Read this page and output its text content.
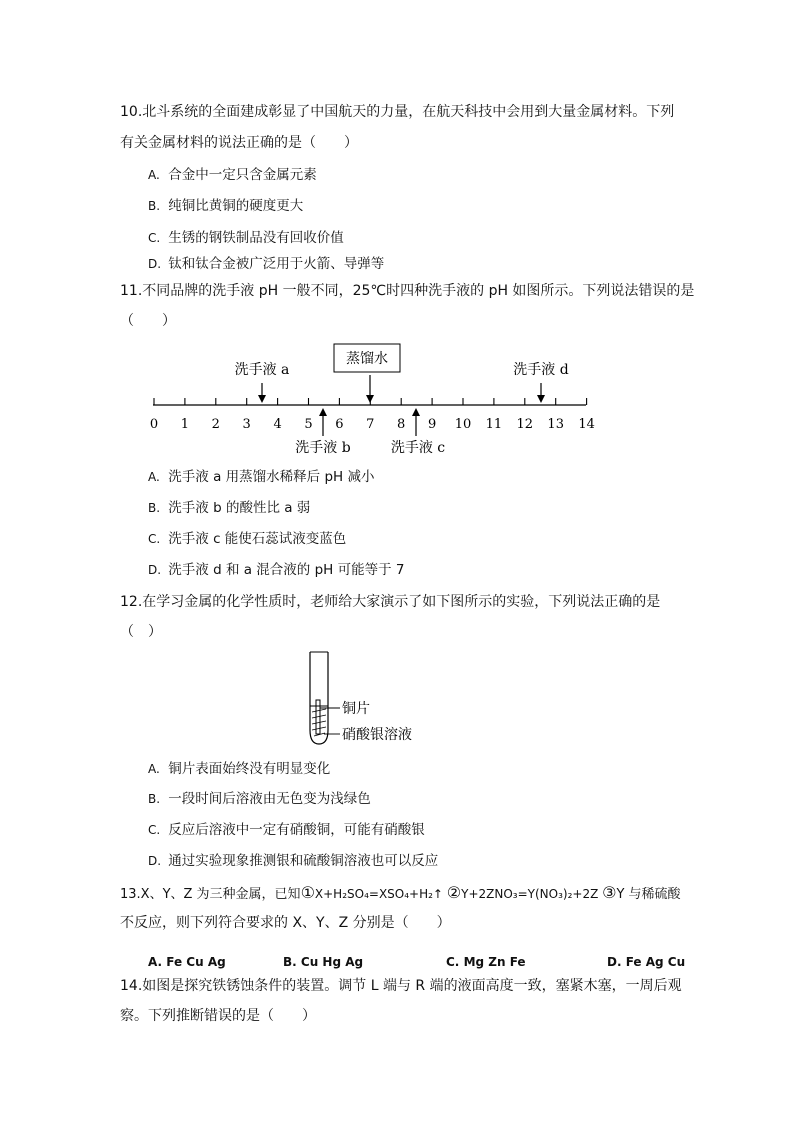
10.北斗系统的全面建成彰显了中国航天的力量，在航天科技中会用到大量金属材料。下列
有关金属材料的说法正确的是（　　）
A. 合金中一定只含金属元素
B. 纯铜比黄铜的硬度更大
C. 生锈的钢铁制品没有回收价值
D. 钛和钛合金被广泛用于火箭、导弹等
11.不同品牌的洗手液 pH 一般不同，25℃时四种洗手液的 pH 如图所示。下列说法错误的是
（　　）
蒸馏水
洗手液 a	洗手液 d
0 1 2 3 4 5 6 7 8 9 10 11 12 13 14
洗手液 b	洗手液 c
A. 洗手液 a 用蒸馏水稀释后 pH 减小
B. 洗手液 b 的酸性比 a 弱
C. 洗手液 c 能使石蕊试液变蓝色
D. 洗手液 d 和 a 混合液的 pH 可能等于 7
12.在学习金属的化学性质时，老师给大家演示了如下图所示的实验，下列说法正确的是
（　）
铜片
硝酸银溶液
A. 铜片表面始终没有明显变化
B. 一段时间后溶液由无色变为浅绿色
C. 反应后溶液中一定有硝酸铜，可能有硝酸银
D. 通过实验现象推测银和硫酸铜溶液也可以反应
13.X、Y、Z 为三种金属，已知①X+H₂SO₄=XSO₄+H₂↑ ②Y+2ZNO₃=Y(NO₃)₂+2Z ③Y 与稀硫酸
不反应，则下列符合要求的 X、Y、Z 分别是（　　）
A. Fe Cu Ag	B. Cu Hg Ag	C. Mg Zn Fe	D. Fe Ag Cu
14.如图是探究铁锈蚀条件的装置。调节 L 端与 R 端的液面高度一致，塞紧木塞，一周后观
察。下列推断错误的是（　　）
